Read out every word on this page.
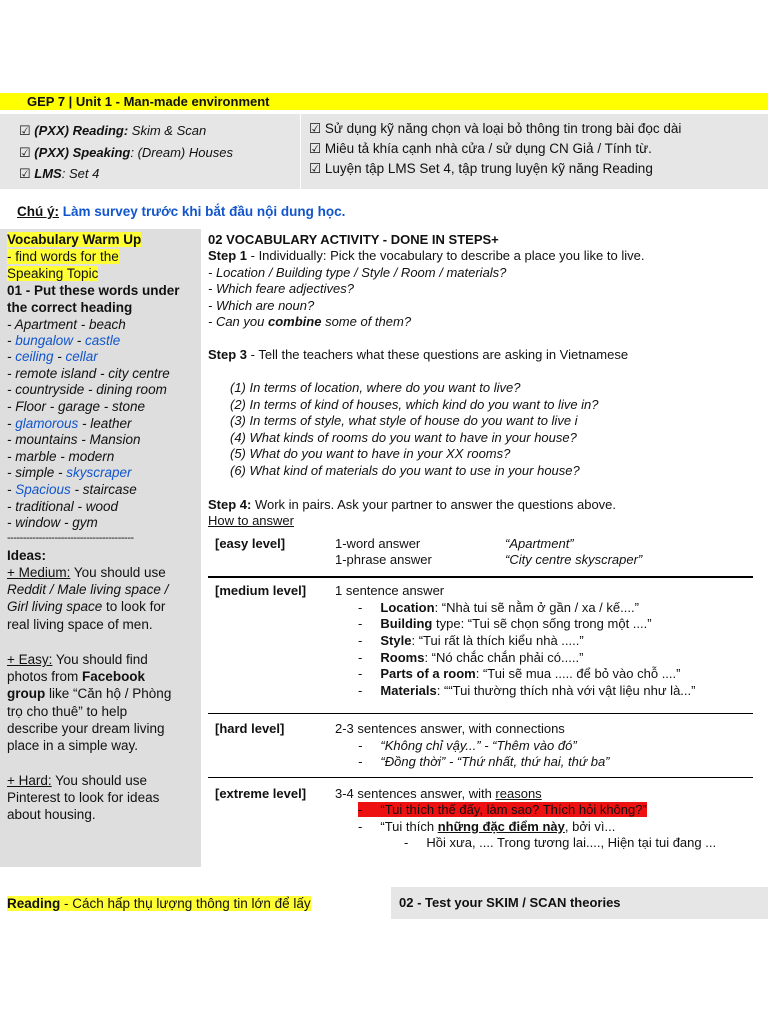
GEP 7 | Unit 1 - Man-made environment
☑ (PXX) Reading: Skim & Scan
☑ (PXX) Speaking: (Dream) Houses
☑ LMS: Set 4
☑ Sử dụng kỹ năng chọn và loại bỏ thông tin trong bài đọc dài
☑ Miêu tả khía cạnh nhà cửa / sử dụng CN Giả / Tính từ.
☑ Luyện tập LMS Set 4, tập trung luyện kỹ năng Reading
Chú ý: Làm survey trước khi bắt đầu nội dung học.
Vocabulary Warm Up
- find words for the
Speaking Topic
01 - Put these words under
the correct heading
- Apartment - beach
- bungalow - castle
- ceiling - cellar
- remote island - city centre
- countryside - dining room
- Floor - garage - stone
- glamorous - leather
- mountains - Mansion
- marble - modern
- simple - skyscraper
- Spacious - staircase
- traditional - wood
- window - gym
----------------------------------------
Ideas:
+ Medium: You should use
Reddit / Male living space /
Girl living space to look for
real living space of men.
+ Easy: You should find
photos from Facebook
group like “Căn hộ / Phòng
trọ cho thuê” to help
describe your dream living
place in a simple way.
+ Hard: You should use
Pinterest to look for ideas
about housing.
02 VOCABULARY ACTIVITY - DONE IN STEPS+
Step 1 - Individually: Pick the vocabulary to describe a place you like to live.
- Location / Building type / Style / Room / materials?
- Which feare adjectives?
- Which are noun?
- Can you combine some of them?
Step 3 - Tell the teachers what these questions are asking in Vietnamese
(1) In terms of location, where do you want to live?
(2) In terms of kind of houses, which kind do you want to live in?
(3) In terms of style, what style of house do you want to live i
(4) What kinds of rooms do you want to have in your house?
(5) What do you want to have in your XX rooms?
(6) What kind of materials do you want to use in your house?
Step 4: Work in pairs. Ask your partner to answer the questions above.
How to answer
[easy level]	1-word answer	“Apartment”
1-phrase answer	“City centre skyscraper”
[medium level] 1 sentence answer
-     Location: “Nhà tui sẽ nằm ở gần / xa / kế....”
-     Building type: “Tui sẽ chọn sống trong một ....”
-     Style: “Tui rất là thích kiểu nhà .....”
-     Rooms: “Nó chắc chắn phải có.....”
-     Parts of a room: “Tui sẽ mua ..... để bỏ vào chỗ ....”
-     Materials: ““Tui thường thích nhà với vật liệu như là...”
[hard level]	2-3 sentences answer, with connections
-     “Không chỉ vậy...” - “Thêm vào đó”
-     “Đồng thời” - “Thứ nhất, thứ hai, thứ ba”
[extreme level] 3-4 sentences answer, with reasons
-     “Tui thích thế đấy, làm sao? Thích hỏi không?”
-     “Tui thích những đặc điểm này, bởi vì...
-     Hồi xưa, .... Trong tương lai...., Hiện tại tui đang ...
Reading - Cách hấp thụ lượng thông tin lớn để lấy	02 - Test your SKIM / SCAN theories
